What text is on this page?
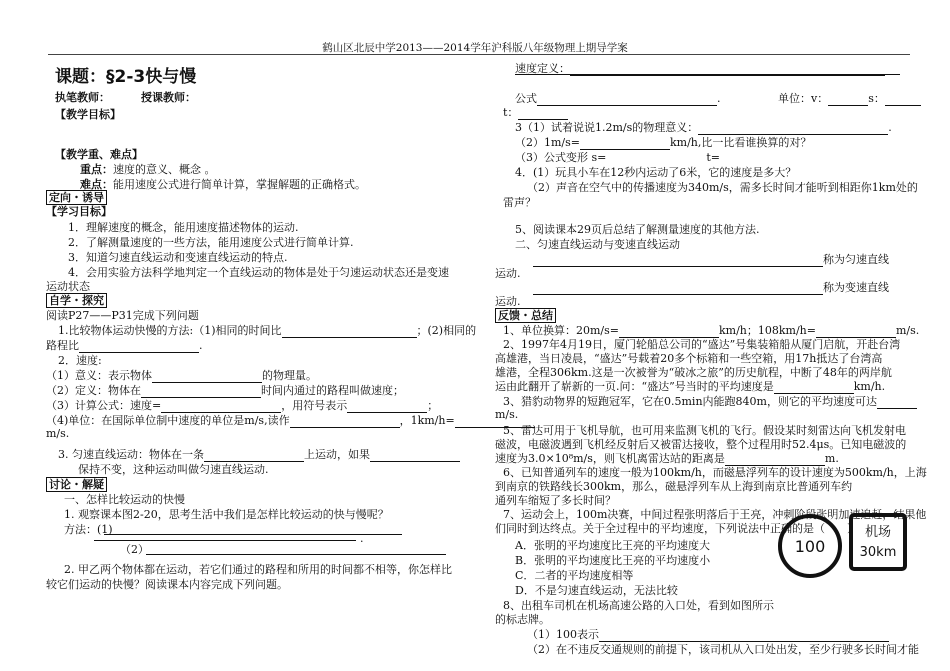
鹤山区北辰中学2013——2014学年沪科版八年级物理上期导学案
课题：§2-3快与慢
执笔教师：	授课教师：
【教学目标】
【教学重、难点】
重点：速度的意义、概念 。
难点：能用速度公式进行简单计算，掌握解题的正确格式。
定向・诱导
【学习目标】
1．理解速度的概念，能用速度描述物体的运动.
2．了解测量速度的一些方法，能用速度公式进行简单计算.
3．知道匀速直线运动和变速直线运动的特点.
4．会用实验方法科学地判定一个直线运动的物体是处于匀速运动状态还是变速
运动状态
自学・探究
阅读P27——P31完成下列问题
1.比较物体运动快慢的方法:（1)相同的时间比	；(2)相同的
路程比	.
2．速度:
（1）意义：表示物体	的物理量。
（2）定义：物体在	时间内通过的路程叫做速度；
（3）计算公式：速度=	，用符号表示	；
（4)单位：在国际单位制中速度的单位是m/s,读作	，1km/h=
m/s.
3. 匀速直线运动：物体在一条	上运动，如果
保持不变，这种运动叫做匀速直线运动.
讨论・解疑
一、怎样比较运动的快慢
1. 观察课本图2-20，思考生活中我们是怎样比较运动的快与慢呢？
方法：(1)
.
（2）
2. 甲乙两个物体都在运动，若它们通过的路程和所用的时间都不相等，你怎样比
较它们运动的快慢？阅读课本内容完成下列问题。
速度定义：
公式	.	单位：v：	s：
t：
3（1）试着说说1.2m/s的物理意义：	.
（2）1m/s=	km/h,比一比看谁换算的对？
（3）公式变形 s=	t=
4．(1）玩具小车在12秒内运动了6米，它的速度是多大？
（2）声音在空气中的传播速度为340m/s，需多长时间才能听到相距你1km处的
雷声？
5、阅读课本29页后总结了解测量速度的其他方法.
二、匀速直线运动与变速直线运动
称为匀速直线
运动.
称为变速直线
运动.
反馈・总结
1、单位换算：20m/s=	km/h；108km/h=	m/s.
2、1997年4月19日，厦门轮船总公司的“盛达”号集装箱船从厦门启航，开赴台湾
高雄港，当日凌晨，“盛达”号载着20多个标箱和一些空箱，用17h抵达了台湾高
雄港，全程306km.这是一次被誉为“破冰之旅”的历史航程，中断了48年的两岸航
运由此翻开了崭新的一页.问：“盛达”号当时的平均速度是	km/h.
3、猎豹动物界的短跑冠军，它在0.5min内能跑840m，则它的平均速度可达
m/s.
5、雷达可用于飞机导航，也可用来监测飞机的飞行。假设某时刻雷达向飞机发射电
磁波，电磁波遇到飞机经反射后又被雷达接收，整个过程用时52.4μs。已知电磁波的
速度为3.0×10⁸m/s，则飞机离雷达站的距离是	m.
6、已知普通列车的速度一般为100km/h，而磁悬浮列车的设计速度为500km/h，上海
到南京的铁路线长300km，那么，磁悬浮列车从上海到南京比普通列车约
通列车缩短了多长时间？
7、运动会上，100m决赛，中间过程张明落后于王亮，冲刺阶段张明加速追赶，结果他
们同时到达终点。关于全过程中的平均速度，下列说法中正确的是（　　）
A．张明的平均速度比王亮的平均速度大
B．张明的平均速度比王亮的平均速度小
C．二者的平均速度相等
D．不是匀速直线运动，无法比较
8、出租车司机在机场高速公路的入口处，看到如图所示
的标志牌。
（1）100表示
（2）在不违反交通规则的前提下，该司机从入口处出发，至少行驶多长时间才能
100
机场
30km
